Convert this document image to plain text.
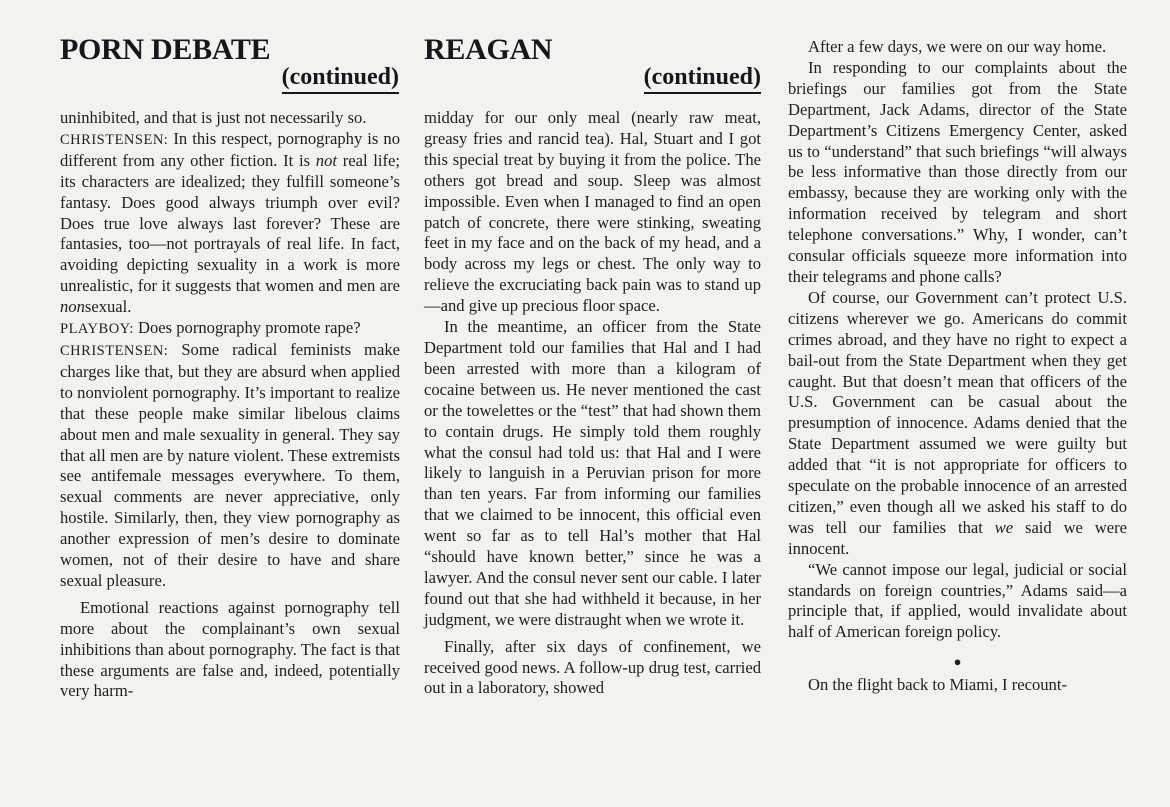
PORN DEBATE
(continued)

uninhibited, and that is just not necessarily so.

CHRISTENSEN: In this respect, pornography is no different from any other fiction. It is not real life; its characters are idealized; they fulfill someone’s fantasy. Does good always triumph over evil? Does true love always last forever? These are fantasies, too—not portrayals of real life. In fact, avoiding depicting sexuality in a work is more unrealistic, for it suggests that women and men are nonsexual.

PLAYBOY: Does pornography promote rape?

CHRISTENSEN: Some radical feminists make charges like that, but they are absurd when applied to nonviolent pornography. It’s important to realize that these people make similar libelous claims about men and male sexuality in general. They say that all men are by nature violent. These extremists see antifemale messages everywhere. To them, sexual comments are never appreciative, only hostile. Similarly, then, they view pornography as another expression of men’s desire to dominate women, not of their desire to have and share sexual pleasure.

Emotional reactions against pornography tell more about the complainant’s own sexual inhibitions than about pornography. The fact is that these arguments are false and, indeed, potentially very harm-

REAGAN
(continued)

midday for our only meal (nearly raw meat, greasy fries and rancid tea). Hal, Stuart and I got this special treat by buying it from the police. The others got bread and soup. Sleep was almost impossible. Even when I managed to find an open patch of concrete, there were stinking, sweating feet in my face and on the back of my head, and a body across my legs or chest. The only way to relieve the excruciating back pain was to stand up—and give up precious floor space.

In the meantime, an officer from the State Department told our families that Hal and I had been arrested with more than a kilogram of cocaine between us. He never mentioned the cast or the towelettes or the “test” that had shown them to contain drugs. He simply told them roughly what the consul had told us: that Hal and I were likely to languish in a Peruvian prison for more than ten years. Far from informing our families that we claimed to be innocent, this official even went so far as to tell Hal’s mother that Hal “should have known better,” since he was a lawyer. And the consul never sent our cable. I later found out that she had withheld it because, in her judgment, we were distraught when we wrote it.

Finally, after six days of confinement, we received good news. A follow-up drug test, carried out in a laboratory, showed

After a few days, we were on our way home.

In responding to our complaints about the briefings our families got from the State Department, Jack Adams, director of the State Department’s Citizens Emergency Center, asked us to “understand” that such briefings “will always be less informative than those directly from our embassy, because they are working only with the information received by telegram and short telephone conversations.” Why, I wonder, can’t consular officials squeeze more information into their telegrams and phone calls?

Of course, our Government can’t protect U.S. citizens wherever we go. Americans do commit crimes abroad, and they have no right to expect a bail-out from the State Department when they get caught. But that doesn’t mean that officers of the U.S. Government can be casual about the presumption of innocence. Adams denied that the State Department assumed we were guilty but added that “it is not appropriate for officers to speculate on the probable innocence of an arrested citizen,” even though all we asked his staff to do was tell our families that we said we were innocent.

“We cannot impose our legal, judicial or social standards on foreign countries,” Adams said—a principle that, if applied, would invalidate about half of American foreign policy.

●

On the flight back to Miami, I recount-
